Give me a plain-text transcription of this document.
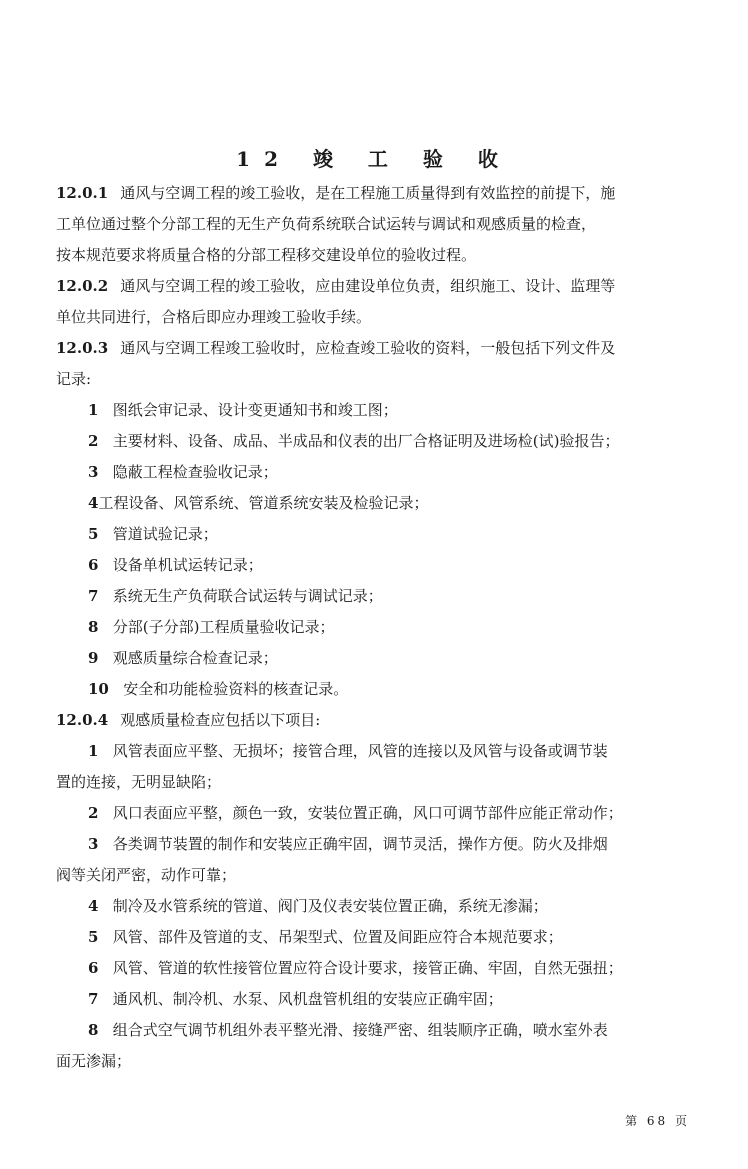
12 竣 工 验 收
12.0.1 通风与空调工程的竣工验收，是在工程施工质量得到有效监控的前提下，施
工单位通过整个分部工程的无生产负荷系统联合试运转与调试和观感质量的检查，
按本规范要求将质量合格的分部工程移交建设单位的验收过程。
12.0.2 通风与空调工程的竣工验收，应由建设单位负责，组织施工、设计、监理等
单位共同进行，合格后即应办理竣工验收手续。
12.0.3 通风与空调工程竣工验收时，应检查竣工验收的资料，一般包括下列文件及
记录:
1 图纸会审记录、设计变更通知书和竣工图；
2 主要材料、设备、成品、半成品和仪表的出厂合格证明及进场检(试)验报告；
3 隐蔽工程检查验收记录；
4工程设备、风管系统、管道系统安装及检验记录；
5 管道试验记录；
6 设备单机试运转记录；
7 系统无生产负荷联合试运转与调试记录；
8 分部(子分部)工程质量验收记录；
9 观感质量综合检查记录；
10 安全和功能检验资料的核查记录。
12.0.4 观感质量检查应包括以下项目:
1 风管表面应平整、无损坏；接管合理，风管的连接以及风管与设备或调节装
置的连接，无明显缺陷；
2 风口表面应平整，颜色一致，安装位置正确，风口可调节部件应能正常动作；
3 各类调节装置的制作和安装应正确牢固，调节灵活，操作方便。防火及排烟
阀等关闭严密，动作可靠；
4 制冷及水管系统的管道、阀门及仪表安装位置正确，系统无渗漏；
5 风管、部件及管道的支、吊架型式、位置及间距应符合本规范要求；
6 风管、管道的软性接管位置应符合设计要求，接管正确、牢固，自然无强扭；
7 通风机、制冷机、水泵、风机盘管机组的安装应正确牢固；
8 组合式空气调节机组外表平整光滑、接缝严密、组装顺序正确，喷水室外表
面无渗漏；
第 68 页
